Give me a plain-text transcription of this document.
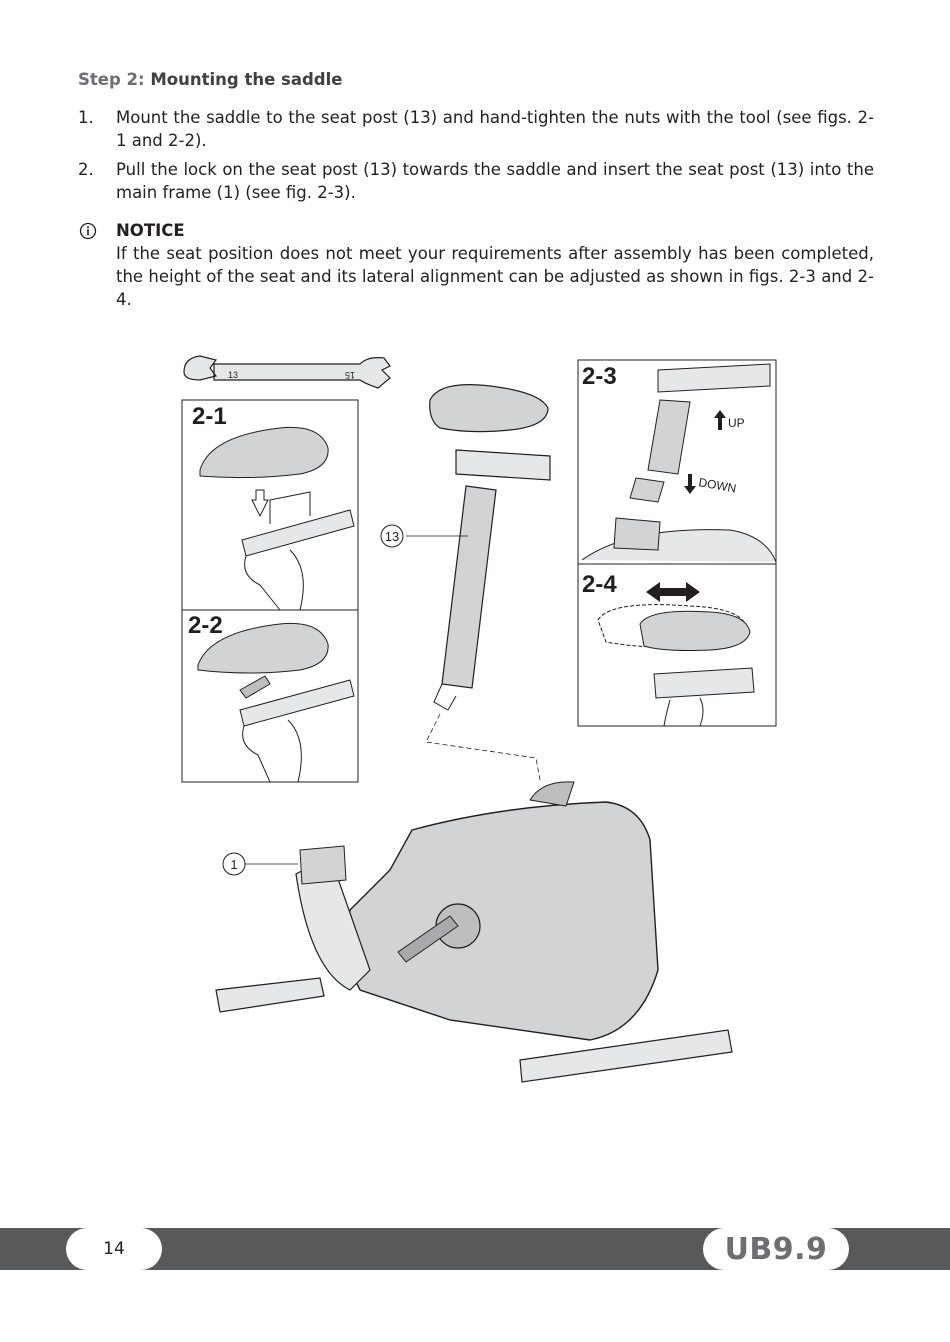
Step 2: Mounting the saddle
1.	Mount the saddle to the seat post (13) and hand-tighten the nuts with the tool (see figs. 2-1 and 2-2).
2.	Pull the lock on the seat post (13) towards the saddle and insert the seat post (13) into the main frame (1) (see fig. 2-3).
NOTICE
If the seat position does not meet your requirements after assembly has been completed, the height of the seat and its lateral alignment can be adjusted as shown in figs. 2-3 and 2-4.
13	15
2-1
2-2
13
2-3
UP
DOWN
2-4
1
14	UB9.9
